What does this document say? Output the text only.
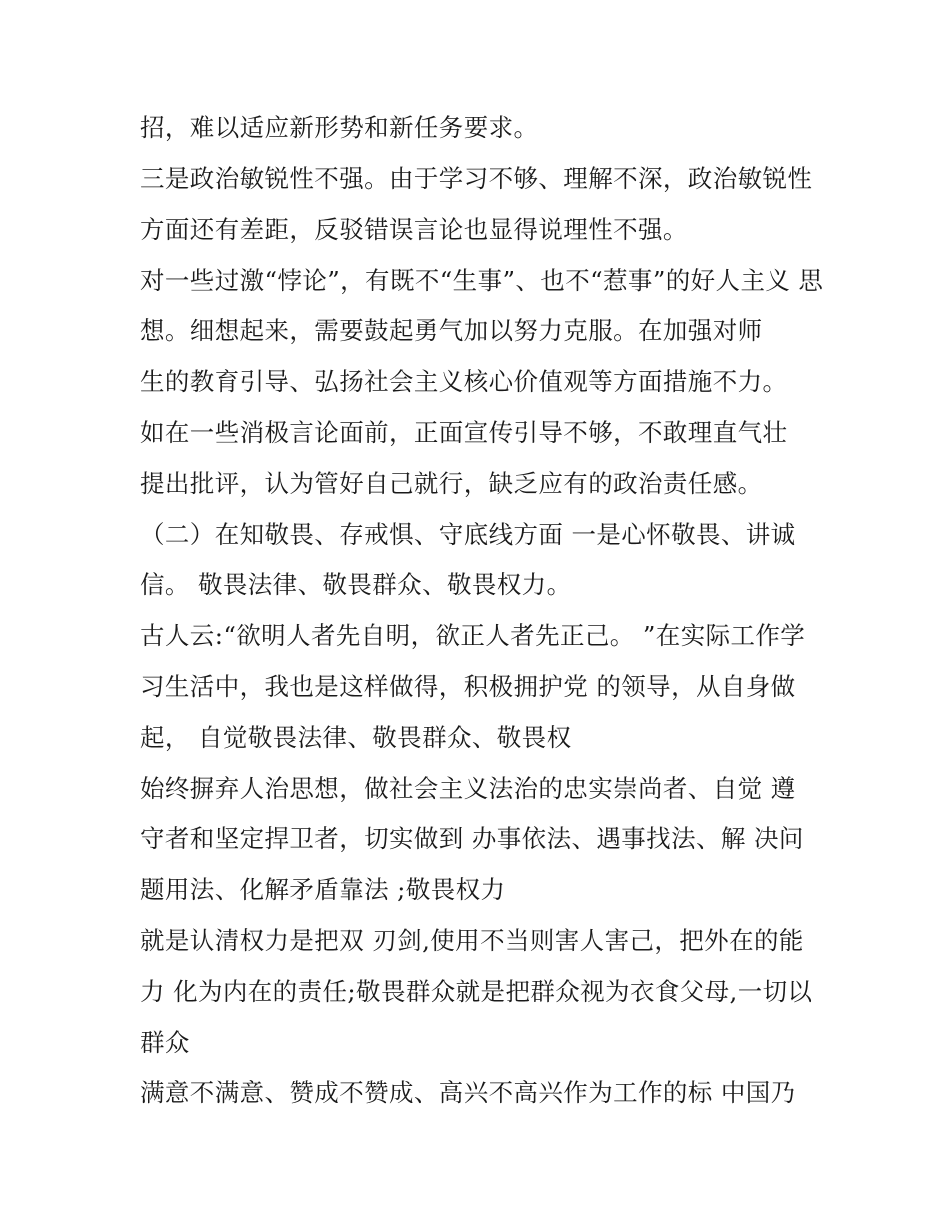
招，难以适应新形势和新任务要求。

三是政治敏锐性不强。由于学习不够、理解不深，政治敏锐性

方面还有差距，反驳错误言论也显得说理性不强。

对一些过激“悖论”，有既不“生事”、也不“惹事”的好人主义 思

想。细想起来，需要鼓起勇气加以努力克服。在加强对师

生的教育引导、弘扬社会主义核心价值观等方面措施不力。

如在一些消极言论面前，正面宣传引导不够，不敢理直气壮

提出批评，认为管好自己就行，缺乏应有的政治责任感。

（二）在知敬畏、存戒惧、守底线方面 一是心怀敬畏、讲诚

信。 敬畏法律、敬畏群众、敬畏权力。

古人云:“欲明人者先自明，欲正人者先正己。 ”在实际工作学

习生活中，我也是这样做得，积极拥护党 的领导，从自身做

起， 自觉敬畏法律、敬畏群众、敬畏权

始终摒弃人治思想，做社会主义法治的忠实崇尚者、自觉 遵

守者和坚定捍卫者，切实做到 办事依法、遇事找法、解 决问

题用法、化解矛盾靠法 ;敬畏权力

就是认清权力是把双 刃剑,使用不当则害人害己，把外在的能

力 化为内在的责任;敬畏群众就是把群众视为衣食父母,一切以

群众

满意不满意、赞成不赞成、高兴不高兴作为工作的标 中国乃
